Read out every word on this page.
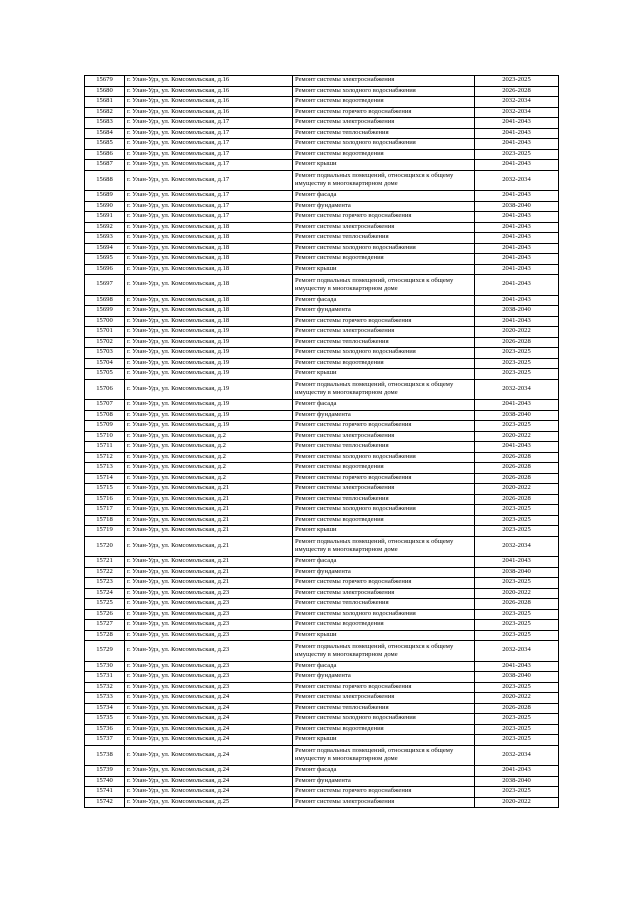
15679	г. Улан-Удэ, ул. Комсомольская, д.16	Ремонт системы электроснабжения	2023-2025
15680	г. Улан-Удэ, ул. Комсомольская, д.16	Ремонт системы холодного водоснабжения	2026-2028
15681	г. Улан-Удэ, ул. Комсомольская, д.16	Ремонт системы водоотведения	2032-2034
15682	г. Улан-Удэ, ул. Комсомольская, д.16	Ремонт системы горячего водоснабжения	2032-2034
15683	г. Улан-Удэ, ул. Комсомольская, д.17	Ремонт системы электроснабжения	2041-2043
15684	г. Улан-Удэ, ул. Комсомольская, д.17	Ремонт системы теплоснабжения	2041-2043
15685	г. Улан-Удэ, ул. Комсомольская, д.17	Ремонт системы холодного водоснабжения	2041-2043
15686	г. Улан-Удэ, ул. Комсомольская, д.17	Ремонт системы водоотведения	2023-2025
15687	г. Улан-Удэ, ул. Комсомольская, д.17	Ремонт крыши	2041-2043
15688	г. Улан-Удэ, ул. Комсомольская, д.17	Ремонт подвальных помещений, относящихся к общему имуществу в многоквартирном доме	2032-2034
15689	г. Улан-Удэ, ул. Комсомольская, д.17	Ремонт фасада	2041-2043
15690	г. Улан-Удэ, ул. Комсомольская, д.17	Ремонт фундамента	2038-2040
15691	г. Улан-Удэ, ул. Комсомольская, д.17	Ремонт системы горячего водоснабжения	2041-2043
15692	г. Улан-Удэ, ул. Комсомольская, д.18	Ремонт системы электроснабжения	2041-2043
15693	г. Улан-Удэ, ул. Комсомольская, д.18	Ремонт системы теплоснабжения	2041-2043
15694	г. Улан-Удэ, ул. Комсомольская, д.18	Ремонт системы холодного водоснабжения	2041-2043
15695	г. Улан-Удэ, ул. Комсомольская, д.18	Ремонт системы водоотведения	2041-2043
15696	г. Улан-Удэ, ул. Комсомольская, д.18	Ремонт крыши	2041-2043
15697	г. Улан-Удэ, ул. Комсомольская, д.18	Ремонт подвальных помещений, относящихся к общему имуществу в многоквартирном доме	2041-2043
15698	г. Улан-Удэ, ул. Комсомольская, д.18	Ремонт фасада	2041-2043
15699	г. Улан-Удэ, ул. Комсомольская, д.18	Ремонт фундамента	2038-2040
15700	г. Улан-Удэ, ул. Комсомольская, д.18	Ремонт системы горячего водоснабжения	2041-2043
15701	г. Улан-Удэ, ул. Комсомольская, д.19	Ремонт системы электроснабжения	2020-2022
15702	г. Улан-Удэ, ул. Комсомольская, д.19	Ремонт системы теплоснабжения	2026-2028
15703	г. Улан-Удэ, ул. Комсомольская, д.19	Ремонт системы холодного водоснабжения	2023-2025
15704	г. Улан-Удэ, ул. Комсомольская, д.19	Ремонт системы водоотведения	2023-2025
15705	г. Улан-Удэ, ул. Комсомольская, д.19	Ремонт крыши	2023-2025
15706	г. Улан-Удэ, ул. Комсомольская, д.19	Ремонт подвальных помещений, относящихся к общему имуществу в многоквартирном доме	2032-2034
15707	г. Улан-Удэ, ул. Комсомольская, д.19	Ремонт фасада	2041-2043
15708	г. Улан-Удэ, ул. Комсомольская, д.19	Ремонт фундамента	2038-2040
15709	г. Улан-Удэ, ул. Комсомольская, д.19	Ремонт системы горячего водоснабжения	2023-2025
15710	г. Улан-Удэ, ул. Комсомольская, д.2	Ремонт системы электроснабжения	2020-2022
15711	г. Улан-Удэ, ул. Комсомольская, д.2	Ремонт системы теплоснабжения	2041-2043
15712	г. Улан-Удэ, ул. Комсомольская, д.2	Ремонт системы холодного водоснабжения	2026-2028
15713	г. Улан-Удэ, ул. Комсомольская, д.2	Ремонт системы водоотведения	2026-2028
15714	г. Улан-Удэ, ул. Комсомольская, д.2	Ремонт системы горячего водоснабжения	2026-2028
15715	г. Улан-Удэ, ул. Комсомольская, д.21	Ремонт системы электроснабжения	2020-2022
15716	г. Улан-Удэ, ул. Комсомольская, д.21	Ремонт системы теплоснабжения	2026-2028
15717	г. Улан-Удэ, ул. Комсомольская, д.21	Ремонт системы холодного водоснабжения	2023-2025
15718	г. Улан-Удэ, ул. Комсомольская, д.21	Ремонт системы водоотведения	2023-2025
15719	г. Улан-Удэ, ул. Комсомольская, д.21	Ремонт крыши	2023-2025
15720	г. Улан-Удэ, ул. Комсомольская, д.21	Ремонт подвальных помещений, относящихся к общему имуществу в многоквартирном доме	2032-2034
15721	г. Улан-Удэ, ул. Комсомольская, д.21	Ремонт фасада	2041-2043
15722	г. Улан-Удэ, ул. Комсомольская, д.21	Ремонт фундамента	2038-2040
15723	г. Улан-Удэ, ул. Комсомольская, д.21	Ремонт системы горячего водоснабжения	2023-2025
15724	г. Улан-Удэ, ул. Комсомольская, д.23	Ремонт системы электроснабжения	2020-2022
15725	г. Улан-Удэ, ул. Комсомольская, д.23	Ремонт системы теплоснабжения	2026-2028
15726	г. Улан-Удэ, ул. Комсомольская, д.23	Ремонт системы холодного водоснабжения	2023-2025
15727	г. Улан-Удэ, ул. Комсомольская, д.23	Ремонт системы водоотведения	2023-2025
15728	г. Улан-Удэ, ул. Комсомольская, д.23	Ремонт крыши	2023-2025
15729	г. Улан-Удэ, ул. Комсомольская, д.23	Ремонт подвальных помещений, относящихся к общему имуществу в многоквартирном доме	2032-2034
15730	г. Улан-Удэ, ул. Комсомольская, д.23	Ремонт фасада	2041-2043
15731	г. Улан-Удэ, ул. Комсомольская, д.23	Ремонт фундамента	2038-2040
15732	г. Улан-Удэ, ул. Комсомольская, д.23	Ремонт системы горячего водоснабжения	2023-2025
15733	г. Улан-Удэ, ул. Комсомольская, д.24	Ремонт системы электроснабжения	2020-2022
15734	г. Улан-Удэ, ул. Комсомольская, д.24	Ремонт системы теплоснабжения	2026-2028
15735	г. Улан-Удэ, ул. Комсомольская, д.24	Ремонт системы холодного водоснабжения	2023-2025
15736	г. Улан-Удэ, ул. Комсомольская, д.24	Ремонт системы водоотведения	2023-2025
15737	г. Улан-Удэ, ул. Комсомольская, д.24	Ремонт крыши	2023-2025
15738	г. Улан-Удэ, ул. Комсомольская, д.24	Ремонт подвальных помещений, относящихся к общему имуществу в многоквартирном доме	2032-2034
15739	г. Улан-Удэ, ул. Комсомольская, д.24	Ремонт фасада	2041-2043
15740	г. Улан-Удэ, ул. Комсомольская, д.24	Ремонт фундамента	2038-2040
15741	г. Улан-Удэ, ул. Комсомольская, д.24	Ремонт системы горячего водоснабжения	2023-2025
15742	г. Улан-Удэ, ул. Комсомольская, д.25	Ремонт системы электроснабжения	2020-2022
